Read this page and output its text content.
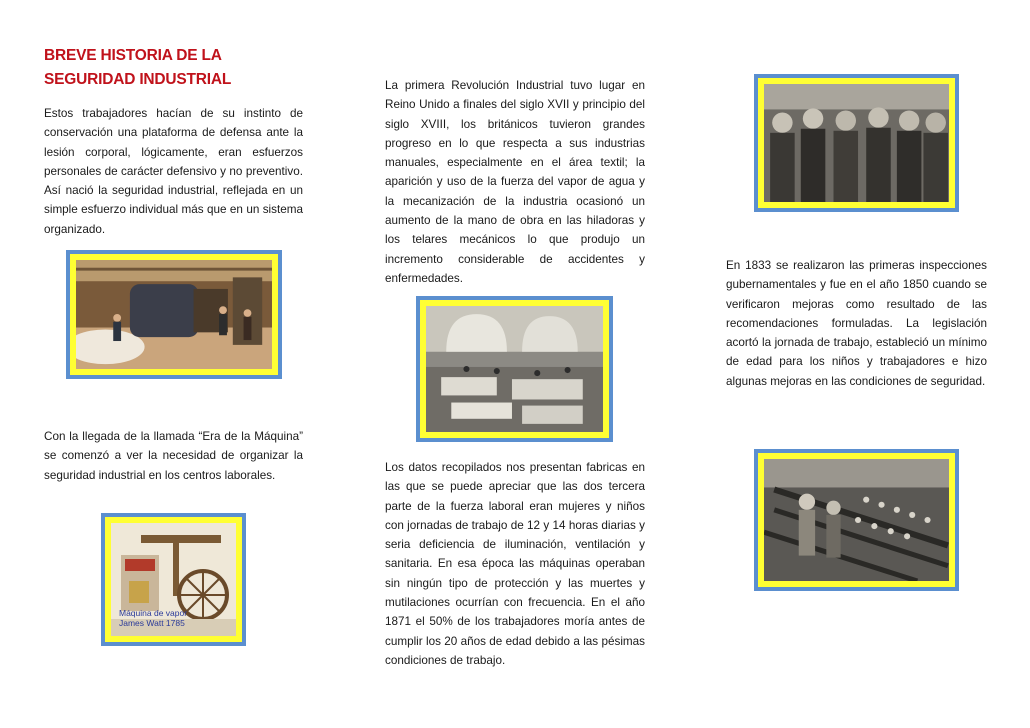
BREVE HISTORIA DE LA SEGURIDAD INDUSTRIAL

Estos trabajadores hacían de su instinto de conservación una plataforma de defensa ante la lesión corporal, lógicamente, eran esfuerzos personales de carácter defensivo y no preventivo. Así nació la seguridad industrial, reflejada en un simple esfuerzo individual más que en un sistema organizado.

Con la llegada de la llamada “Era de la Máquina” se comenzó a ver la necesidad de organizar la seguridad industrial en los centros laborales.

Máquina de vapor
James Watt 1785

La primera Revolución Industrial tuvo lugar en Reino Unido a finales del siglo XVII y principio del siglo XVIII, los británicos tuvieron grandes progreso en lo que respecta a sus industrias manuales, especialmente en el área textil; la aparición y uso de la fuerza del vapor de agua y la mecanización de la industria ocasionó un aumento de la mano de obra en las hiladoras y los telares mecánicos lo que produjo un incremento considerable de accidentes y enfermedades.

Los datos recopilados nos presentan fabricas en las que se puede apreciar que las dos tercera parte de la fuerza laboral eran mujeres y niños con jornadas de trabajo de 12 y 14 horas diarias y seria deficiencia de iluminación, ventilación y sanitaria. En esa época las máquinas operaban sin ningún tipo de protección y las muertes y mutilaciones ocurrían con frecuencia. En el año 1871 el 50% de los trabajadores moría antes de cumplir los 20 años de edad debido a las pésimas condiciones de trabajo.

En 1833 se realizaron las primeras inspecciones gubernamentales y fue en el año 1850 cuando se verificaron mejoras como resultado de las recomendaciones formuladas. La legislación acortó la jornada de trabajo, estableció un mínimo de edad para los niños y trabajadores e hizo algunas mejoras en las condiciones de seguridad.
